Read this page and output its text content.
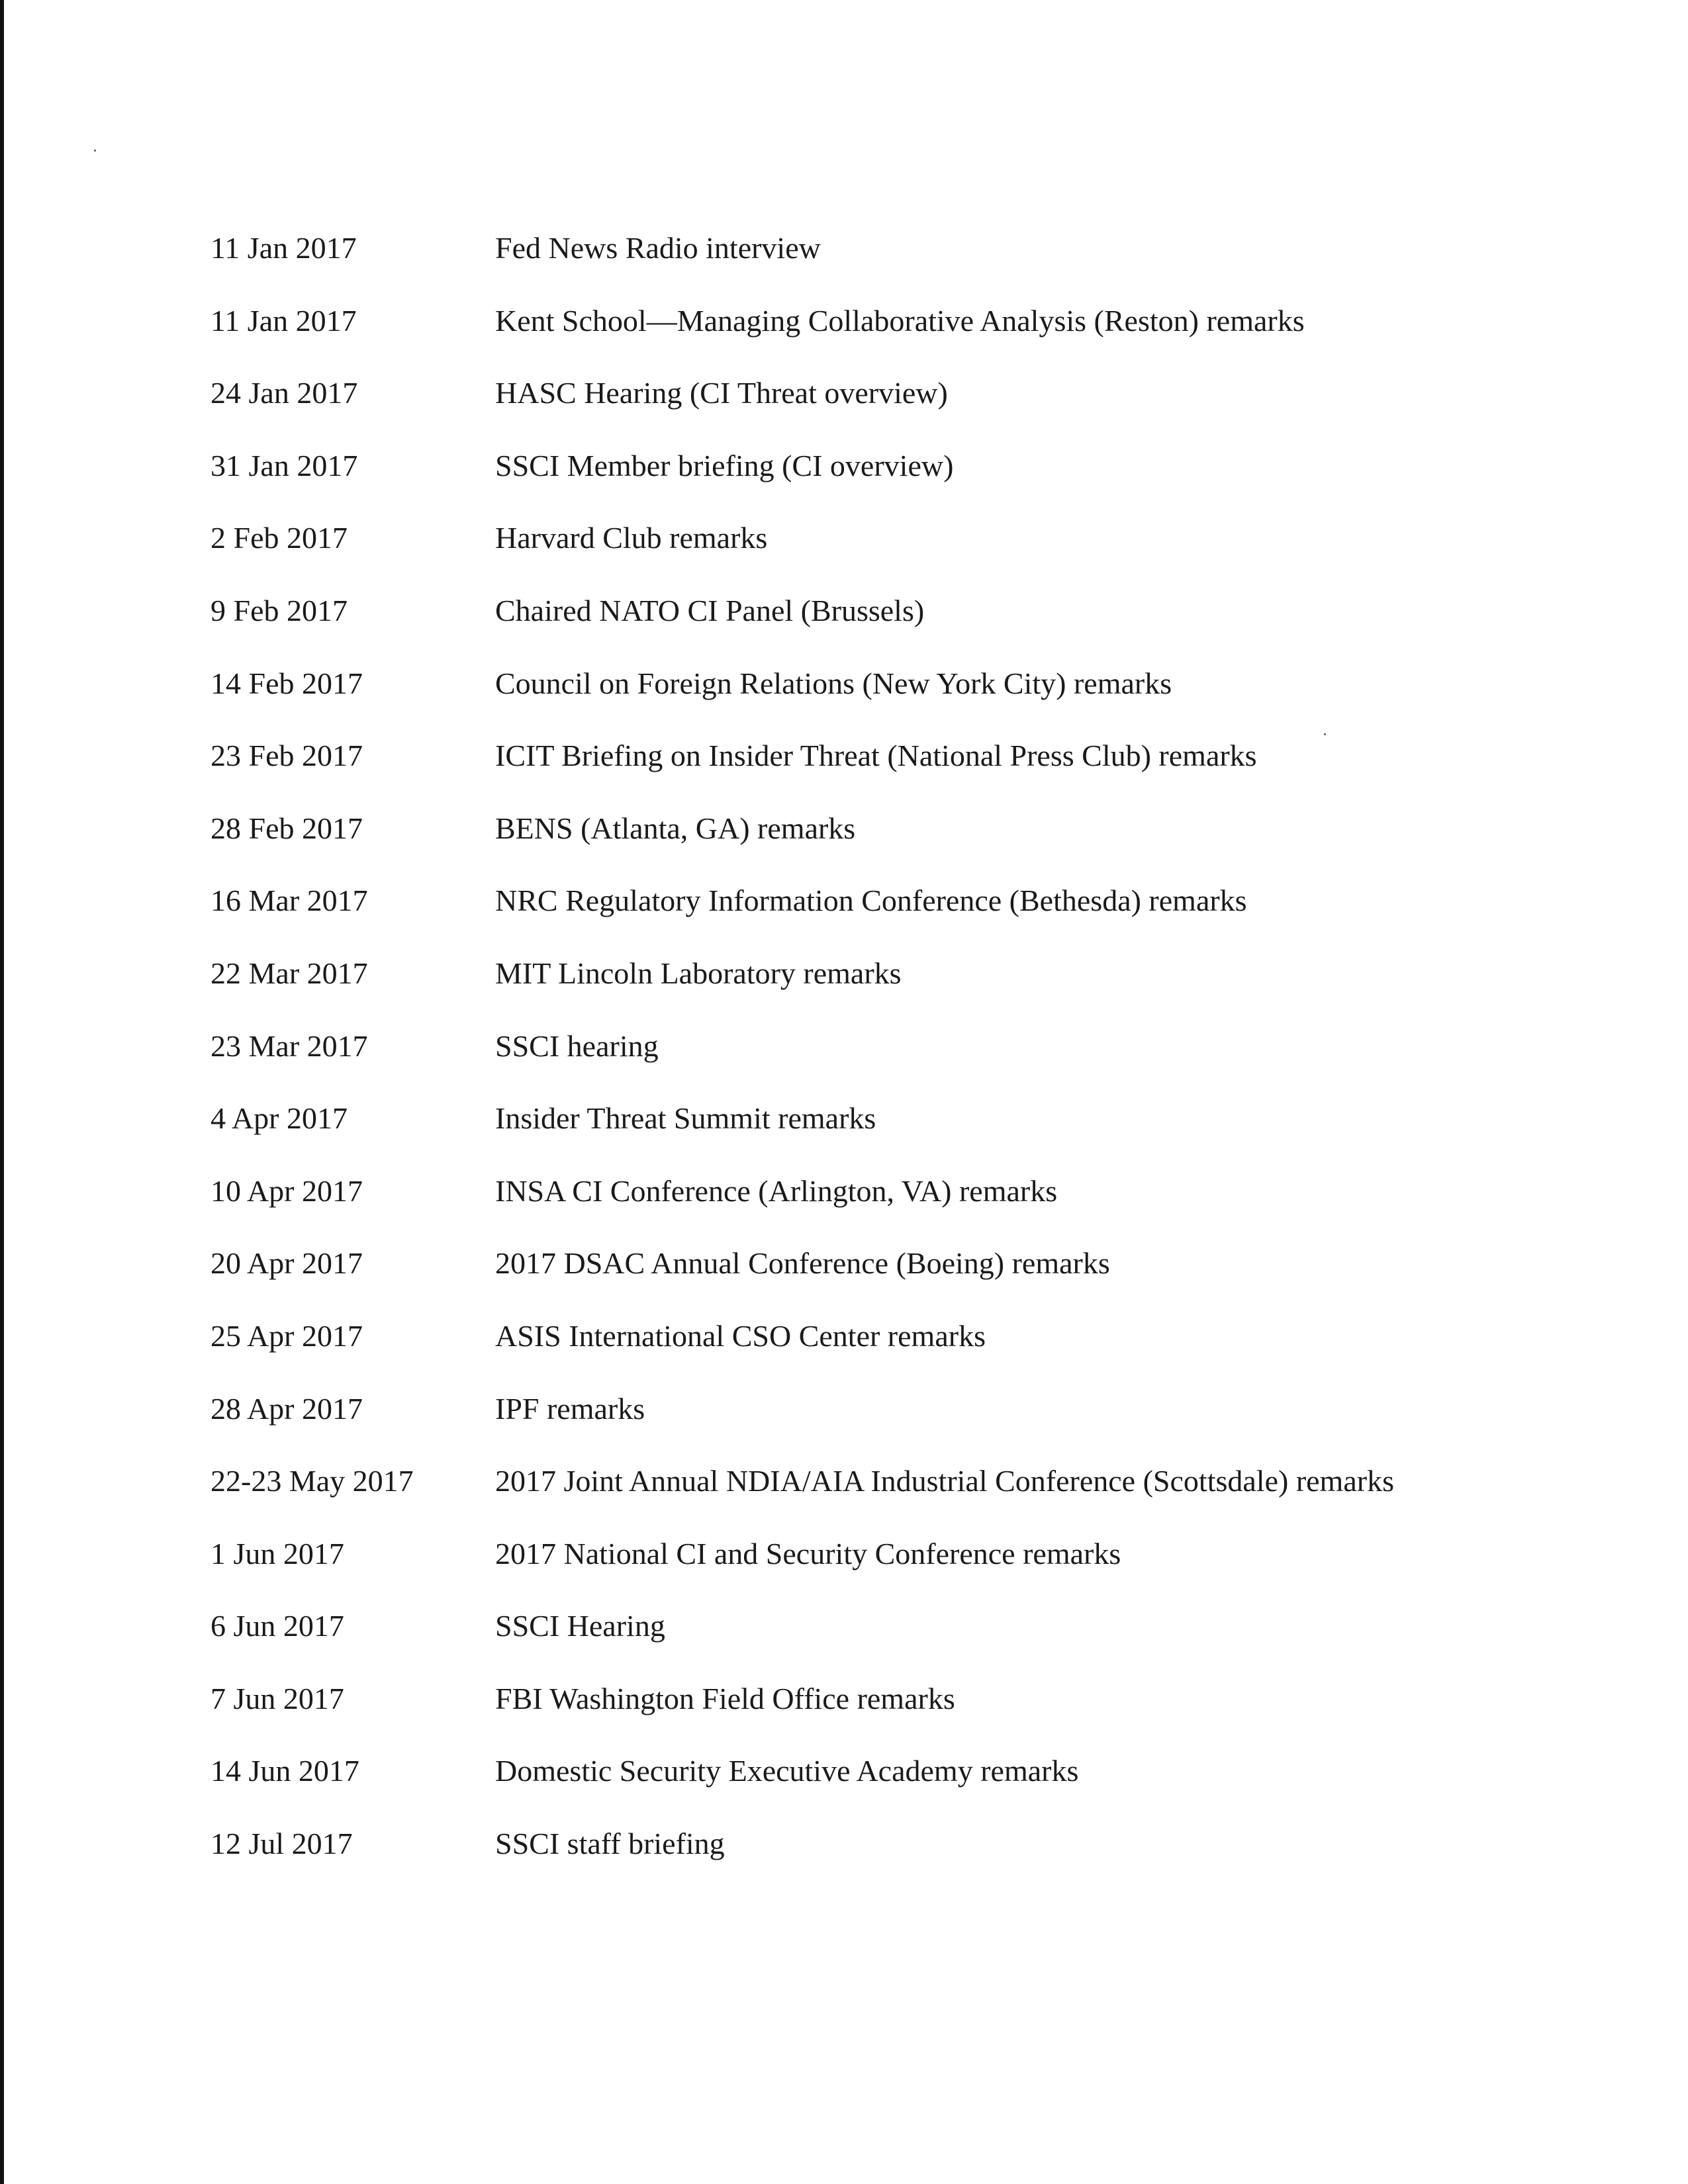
11 Jan 2017	Fed News Radio interview
11 Jan 2017	Kent School—Managing Collaborative Analysis (Reston) remarks
24 Jan 2017	HASC Hearing (CI Threat overview)
31 Jan 2017	SSCI Member briefing (CI overview)
2 Feb 2017	Harvard Club remarks
9 Feb 2017	Chaired NATO CI Panel (Brussels)
14 Feb 2017	Council on Foreign Relations (New York City) remarks
23 Feb 2017	ICIT Briefing on Insider Threat (National Press Club) remarks
28 Feb 2017	BENS (Atlanta, GA) remarks
16 Mar 2017	NRC Regulatory Information Conference (Bethesda) remarks
22 Mar 2017	MIT Lincoln Laboratory remarks
23 Mar 2017	SSCI hearing
4 Apr 2017	Insider Threat Summit remarks
10 Apr 2017	INSA CI Conference (Arlington, VA) remarks
20 Apr 2017	2017 DSAC Annual Conference (Boeing) remarks
25 Apr 2017	ASIS International CSO Center remarks
28 Apr 2017	IPF remarks
22-23 May 2017	2017 Joint Annual NDIA/AIA Industrial Conference (Scottsdale) remarks
1 Jun 2017	2017 National CI and Security Conference remarks
6 Jun 2017	SSCI Hearing
7 Jun 2017	FBI Washington Field Office remarks
14 Jun 2017	Domestic Security Executive Academy remarks
12 Jul 2017	SSCI staff briefing
